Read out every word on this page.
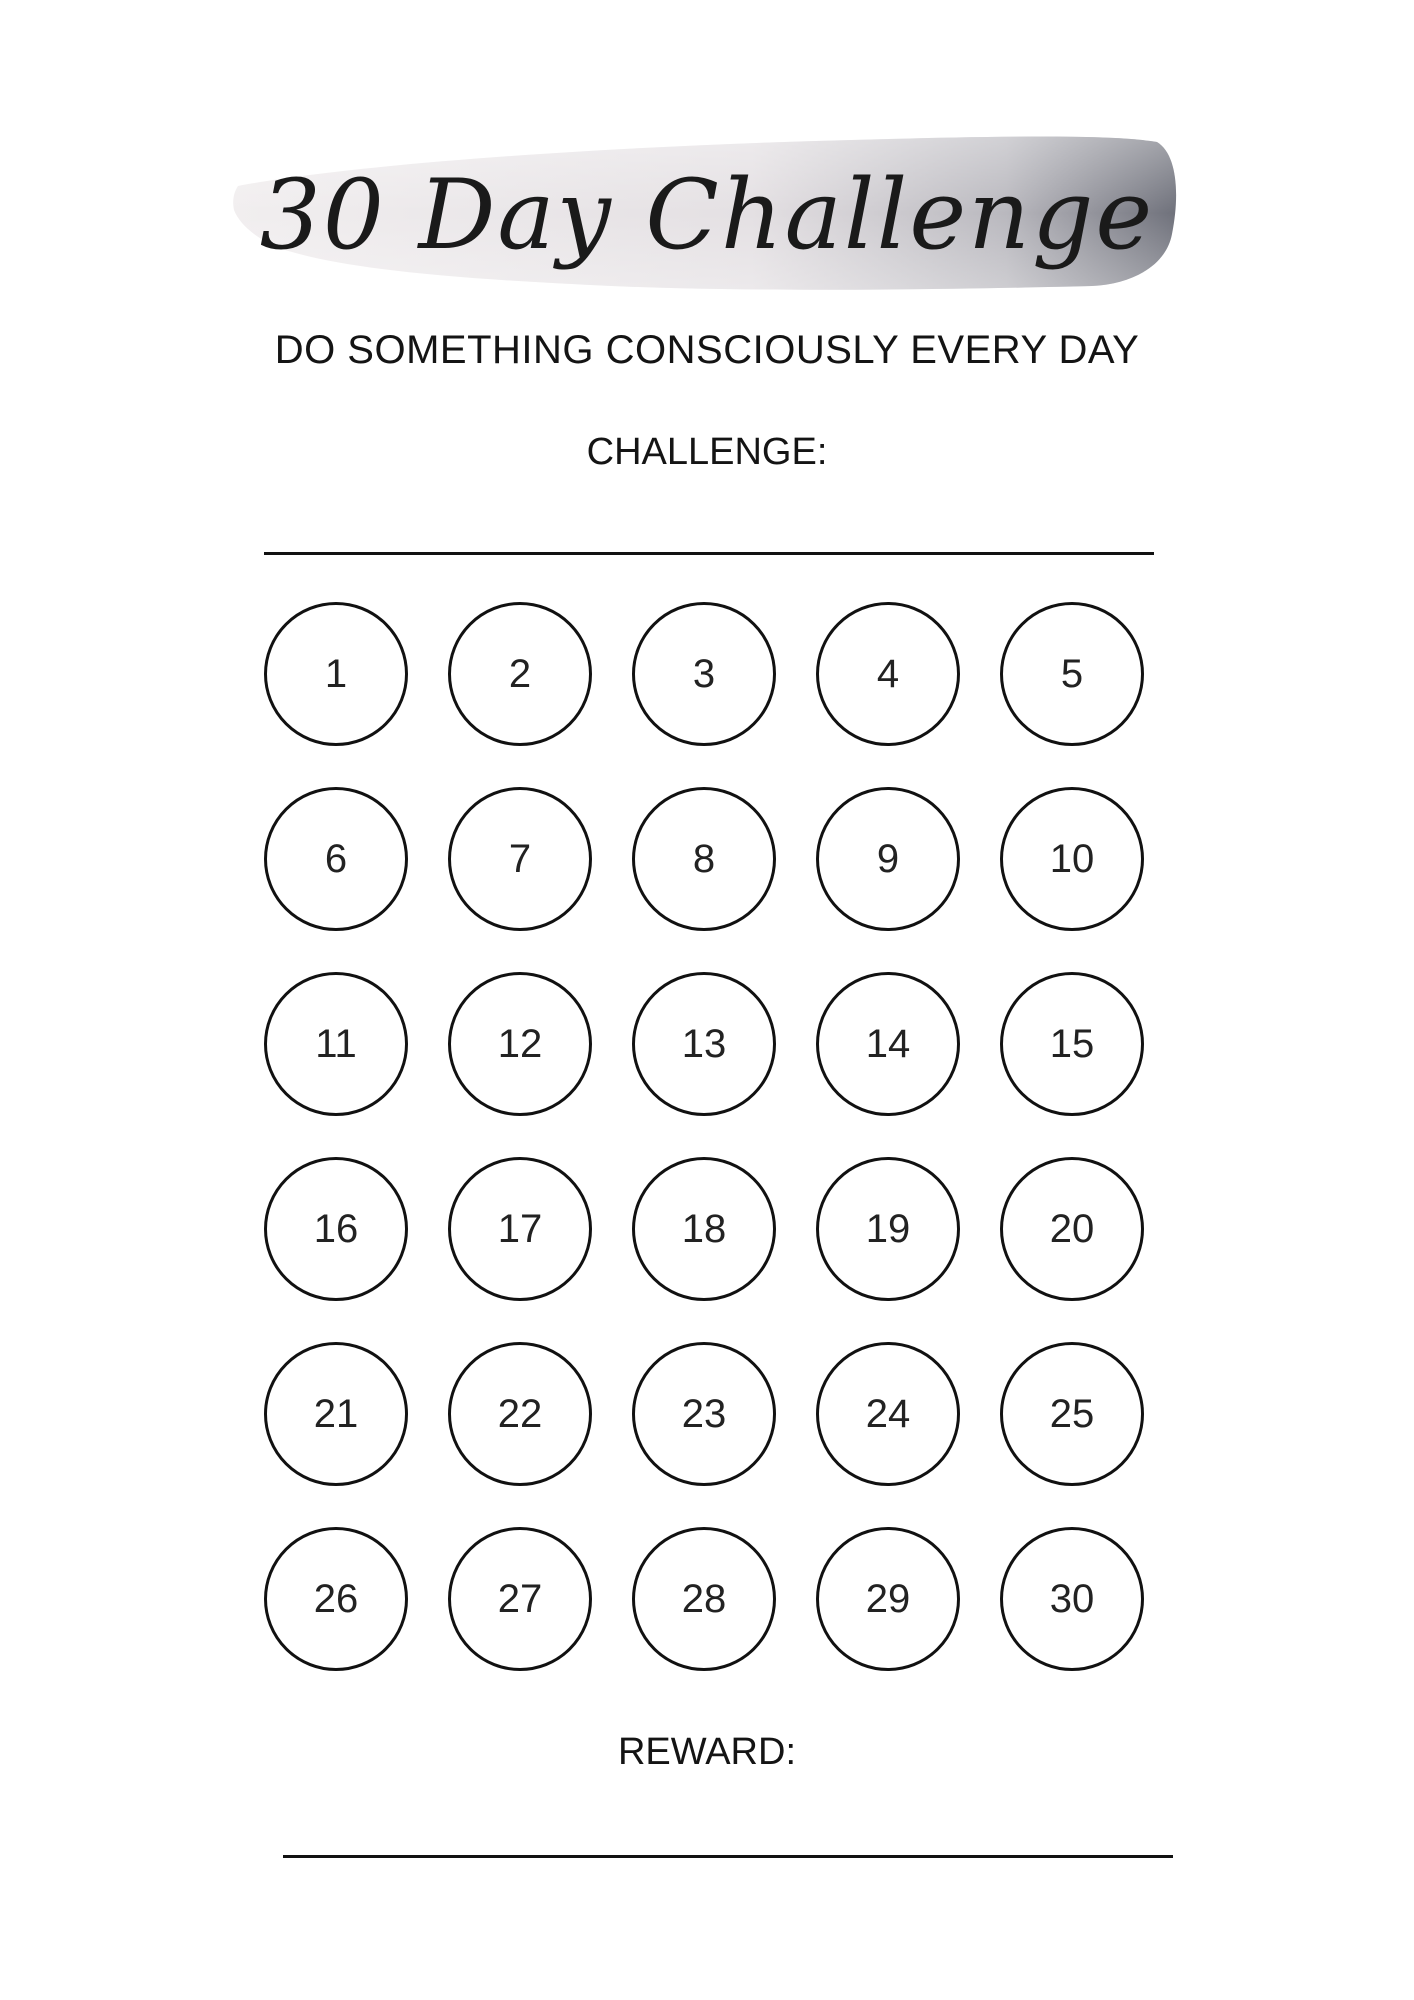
30 Day Challenge
DO SOMETHING CONSCIOUSLY EVERY DAY
CHALLENGE:
1	2	3	4	5
6	7	8	9	10
11	12	13	14	15
16	17	18	19	20
21	22	23	24	25
26	27	28	29	30
REWARD:
